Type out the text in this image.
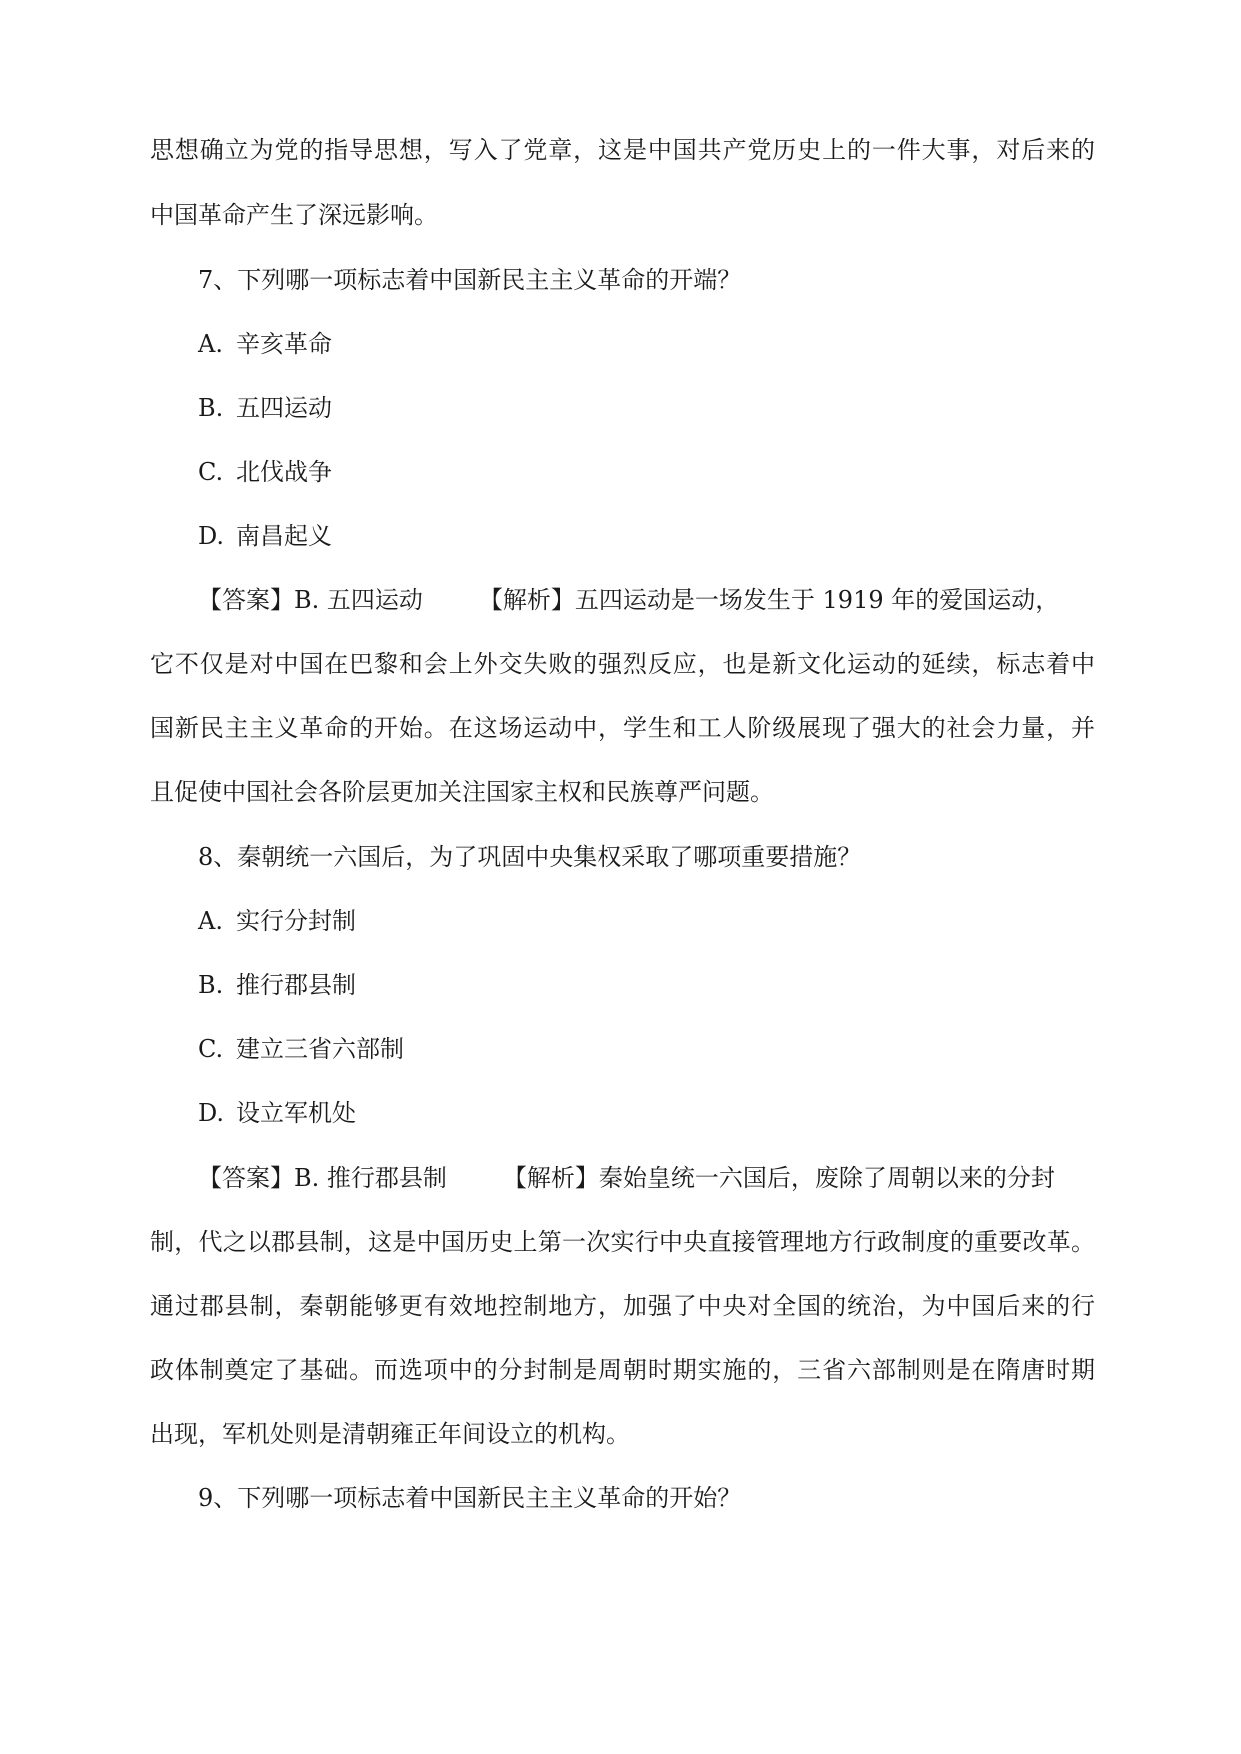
思想确立为党的指导思想，写入了党章，这是中国共产党历史上的一件大事，对后来的
中国革命产生了深远影响。
7、下列哪一项标志着中国新民主主义革命的开端？
A. 辛亥革命
B. 五四运动
C. 北伐战争
D. 南昌起义
【答案】B. 五四运动 【解析】五四运动是一场发生于 1919 年的爱国运动，
它不仅是对中国在巴黎和会上外交失败的强烈反应，也是新文化运动的延续，标志着中
国新民主主义革命的开始。在这场运动中，学生和工人阶级展现了强大的社会力量，并
且促使中国社会各阶层更加关注国家主权和民族尊严问题。
8、秦朝统一六国后，为了巩固中央集权采取了哪项重要措施？
A. 实行分封制
B. 推行郡县制
C. 建立三省六部制
D. 设立军机处
【答案】B. 推行郡县制 【解析】秦始皇统一六国后，废除了周朝以来的分封
制，代之以郡县制，这是中国历史上第一次实行中央直接管理地方行政制度的重要改革。
通过郡县制，秦朝能够更有效地控制地方，加强了中央对全国的统治，为中国后来的行
政体制奠定了基础。而选项中的分封制是周朝时期实施的，三省六部制则是在隋唐时期
出现，军机处则是清朝雍正年间设立的机构。
9、下列哪一项标志着中国新民主主义革命的开始？
